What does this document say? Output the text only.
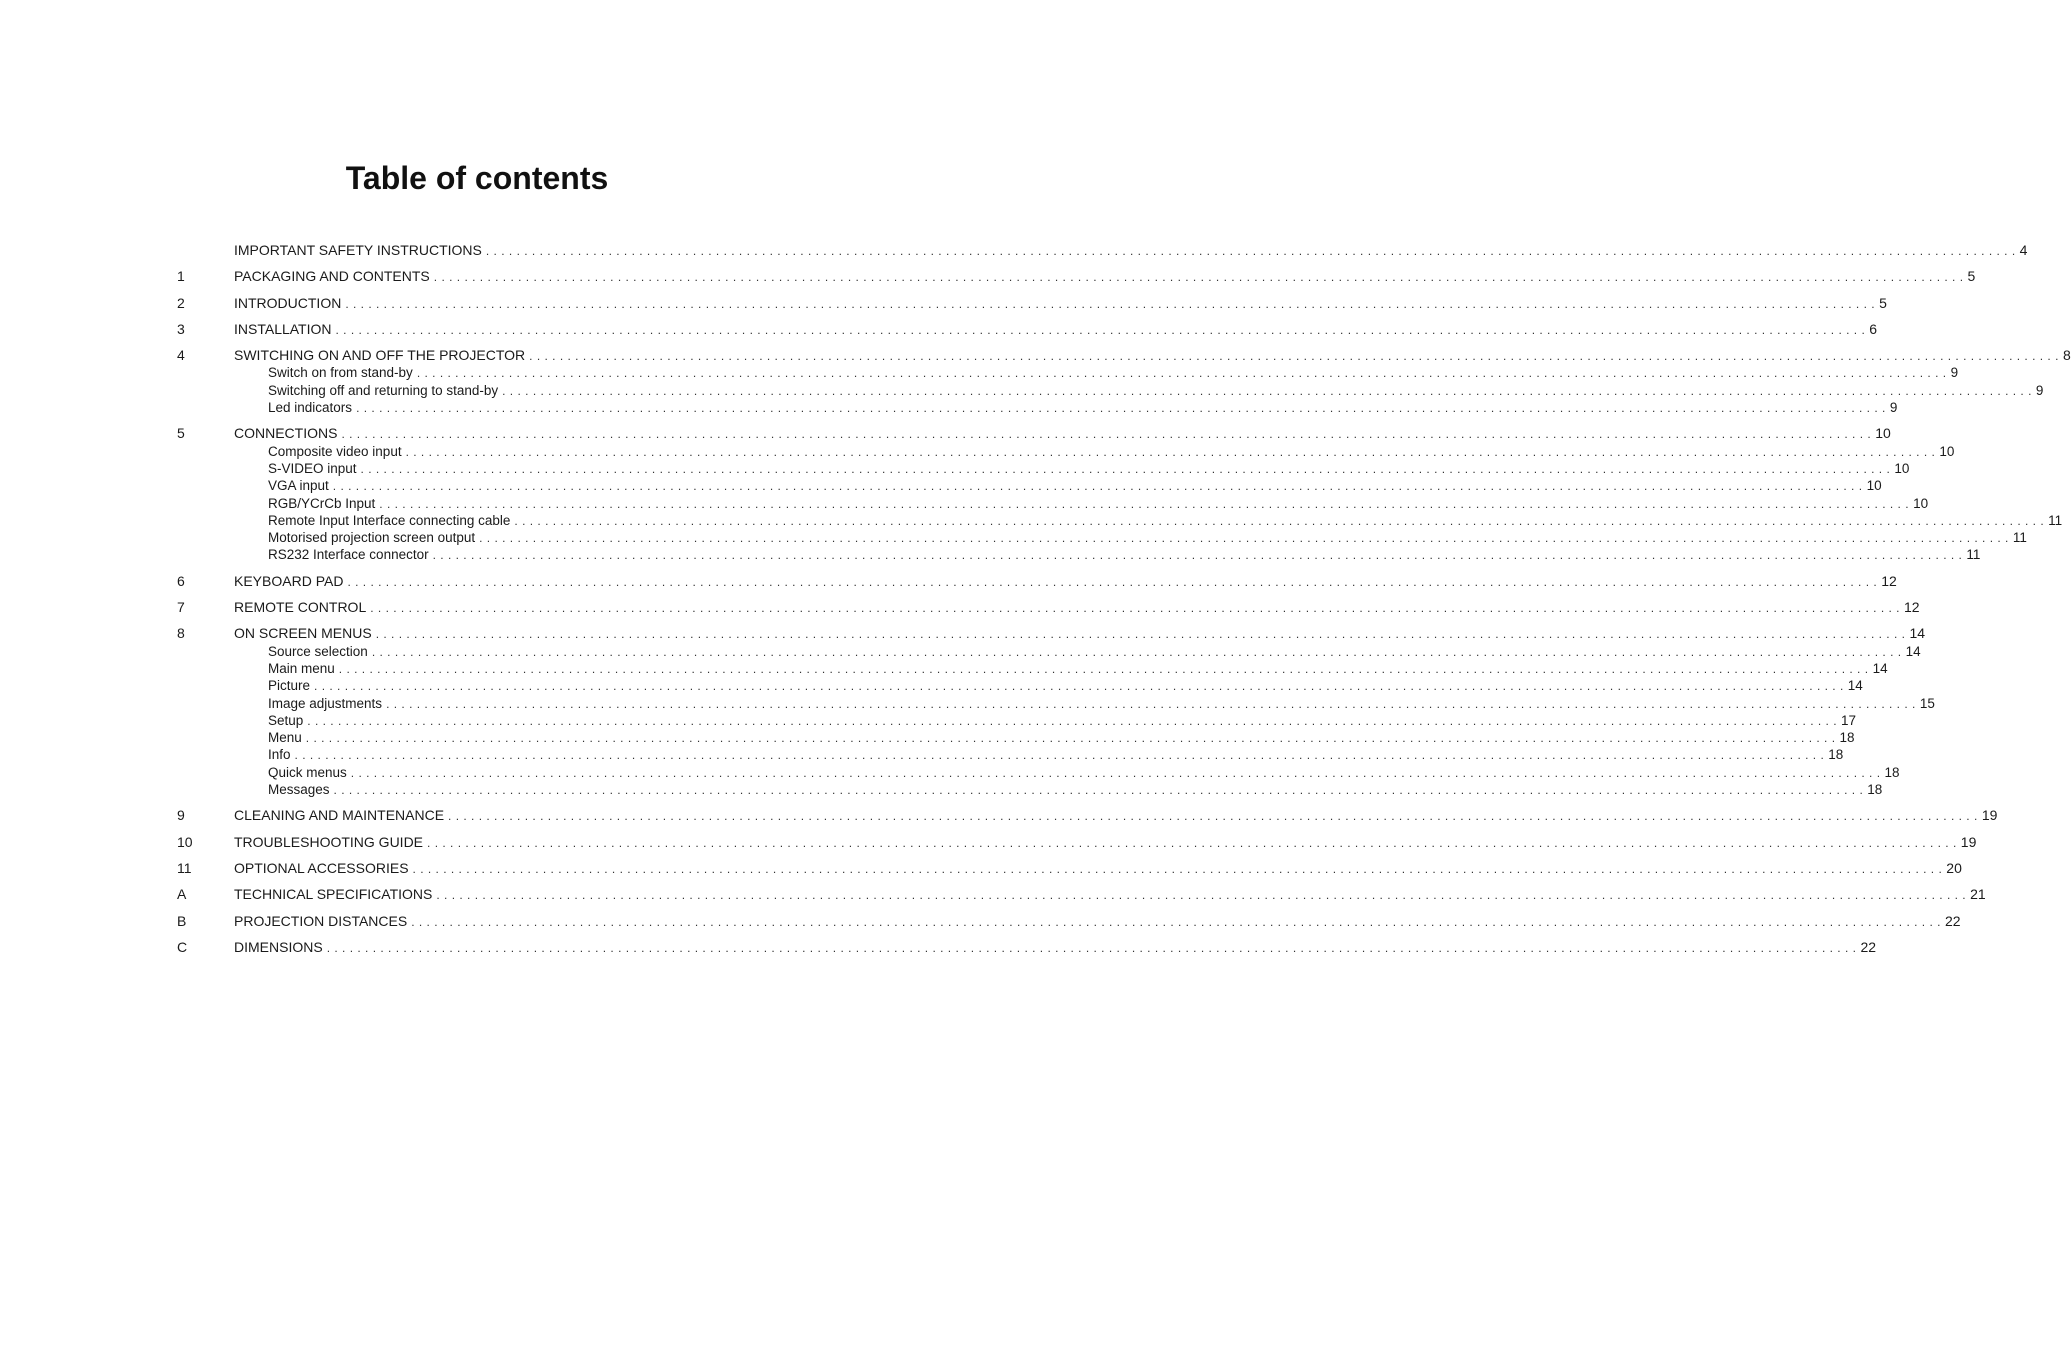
Table of contents
IMPORTANT SAFETY INSTRUCTIONS . . . . . . . . . . . . . . . . . . . . . . . . . . . . . . . . . . . . . . . . . . . . . . . . . . . . . . . . . . . . . . . . . . . . . . . . . . . . . . . . . . . . . . . . . . . . . . . . . . . . . . . . . . . . . . . . . . . . . . . . . . . . . . . . . . . . . . . . . . . . . . . . . . . . . . . . . . . . . . . . . . . . . . . . . . . . . . . . . . . . . . . . . . . . . . . . . . . . . . . . 4
1	PACKAGING AND CONTENTS . . . . . . . . . . . . . . . . . . . . . . . . . . . . . . . . . . . . . . . . . . . . . . . . . . . . . . . . . . . . . . . . . . . . . . . . . . . . . . . . . . . . . . . . . . . . . . . . . . . . . . . . . . . . . . . . . . . . . . . . . . . . . . . . . . . . . . . . . . . . . . . . . . . . . . . . . . . . . . . . . . . . . . . . . . . . . . . . . . . . . . . . . . . . . . . . . . . . . . . . 5
2	INTRODUCTION . . . . . . . . . . . . . . . . . . . . . . . . . . . . . . . . . . . . . . . . . . . . . . . . . . . . . . . . . . . . . . . . . . . . . . . . . . . . . . . . . . . . . . . . . . . . . . . . . . . . . . . . . . . . . . . . . . . . . . . . . . . . . . . . . . . . . . . . . . . . . . . . . . . . . . . . . . . . . . . . . . . . . . . . . . . . . . . . . . . . . . . . . . . . . . . . . . . . . . . . 5
3	INSTALLATION . . . . . . . . . . . . . . . . . . . . . . . . . . . . . . . . . . . . . . . . . . . . . . . . . . . . . . . . . . . . . . . . . . . . . . . . . . . . . . . . . . . . . . . . . . . . . . . . . . . . . . . . . . . . . . . . . . . . . . . . . . . . . . . . . . . . . . . . . . . . . . . . . . . . . . . . . . . . . . . . . . . . . . . . . . . . . . . . . . . . . . . . . . . . . . . . . . . . . . . . 6
4	SWITCHING ON AND OFF THE PROJECTOR . . . . . . . . . . . . . . . . . . . . . . . . . . . . . . . . . . . . . . . . . . . . . . . . . . . . . . . . . . . . . . . . . . . . . . . . . . . . . . . . . . . . . . . . . . . . . . . . . . . . . . . . . . . . . . . . . . . . . . . . . . . . . . . . . . . . . . . . . . . . . . . . . . . . . . . . . . . . . . . . . . . . . . . . . . . . . . . . . . . . . . . . . . . . . . . . . . . . . . . . 8
Switch on from stand-by . . . . . . . . . . . . . . . . . . . . . . . . . . . . . . . . . . . . . . . . . . . . . . . . . . . . . . . . . . . . . . . . . . . . . . . . . . . . . . . . . . . . . . . . . . . . . . . . . . . . . . . . . . . . . . . . . . . . . . . . . . . . . . . . . . . . . . . . . . . . . . . . . . . . . . . . . . . . . . . . . . . . . . . . . . . . . . . . . . . . . . . . . . . . . . . . . . . . . . . . 9
Switching off and returning to stand-by . . . . . . . . . . . . . . . . . . . . . . . . . . . . . . . . . . . . . . . . . . . . . . . . . . . . . . . . . . . . . . . . . . . . . . . . . . . . . . . . . . . . . . . . . . . . . . . . . . . . . . . . . . . . . . . . . . . . . . . . . . . . . . . . . . . . . . . . . . . . . . . . . . . . . . . . . . . . . . . . . . . . . . . . . . . . . . . . . . . . . . . . . . . . . . . . . . . . . . . . 9
Led indicators . . . . . . . . . . . . . . . . . . . . . . . . . . . . . . . . . . . . . . . . . . . . . . . . . . . . . . . . . . . . . . . . . . . . . . . . . . . . . . . . . . . . . . . . . . . . . . . . . . . . . . . . . . . . . . . . . . . . . . . . . . . . . . . . . . . . . . . . . . . . . . . . . . . . . . . . . . . . . . . . . . . . . . . . . . . . . . . . . . . . . . . . . . . . . . . . . . . . . . . . 9
5	CONNECTIONS . . . . . . . . . . . . . . . . . . . . . . . . . . . . . . . . . . . . . . . . . . . . . . . . . . . . . . . . . . . . . . . . . . . . . . . . . . . . . . . . . . . . . . . . . . . . . . . . . . . . . . . . . . . . . . . . . . . . . . . . . . . . . . . . . . . . . . . . . . . . . . . . . . . . . . . . . . . . . . . . . . . . . . . . . . . . . . . . . . . . . . . . . . . . . . . . . . . . . . . . 10
Composite video input . . . . . . . . . . . . . . . . . . . . . . . . . . . . . . . . . . . . . . . . . . . . . . . . . . . . . . . . . . . . . . . . . . . . . . . . . . . . . . . . . . . . . . . . . . . . . . . . . . . . . . . . . . . . . . . . . . . . . . . . . . . . . . . . . . . . . . . . . . . . . . . . . . . . . . . . . . . . . . . . . . . . . . . . . . . . . . . . . . . . . . . . . . . . . . . . . . . . . . . . 10
S-VIDEO input . . . . . . . . . . . . . . . . . . . . . . . . . . . . . . . . . . . . . . . . . . . . . . . . . . . . . . . . . . . . . . . . . . . . . . . . . . . . . . . . . . . . . . . . . . . . . . . . . . . . . . . . . . . . . . . . . . . . . . . . . . . . . . . . . . . . . . . . . . . . . . . . . . . . . . . . . . . . . . . . . . . . . . . . . . . . . . . . . . . . . . . . . . . . . . . . . . . . . . . . 10
VGA input . . . . . . . . . . . . . . . . . . . . . . . . . . . . . . . . . . . . . . . . . . . . . . . . . . . . . . . . . . . . . . . . . . . . . . . . . . . . . . . . . . . . . . . . . . . . . . . . . . . . . . . . . . . . . . . . . . . . . . . . . . . . . . . . . . . . . . . . . . . . . . . . . . . . . . . . . . . . . . . . . . . . . . . . . . . . . . . . . . . . . . . . . . . . . . . . . . . . . . . . 10
RGB/YCrCb Input . . . . . . . . . . . . . . . . . . . . . . . . . . . . . . . . . . . . . . . . . . . . . . . . . . . . . . . . . . . . . . . . . . . . . . . . . . . . . . . . . . . . . . . . . . . . . . . . . . . . . . . . . . . . . . . . . . . . . . . . . . . . . . . . . . . . . . . . . . . . . . . . . . . . . . . . . . . . . . . . . . . . . . . . . . . . . . . . . . . . . . . . . . . . . . . . . . . . . . . . 10
Remote Input Interface connecting cable . . . . . . . . . . . . . . . . . . . . . . . . . . . . . . . . . . . . . . . . . . . . . . . . . . . . . . . . . . . . . . . . . . . . . . . . . . . . . . . . . . . . . . . . . . . . . . . . . . . . . . . . . . . . . . . . . . . . . . . . . . . . . . . . . . . . . . . . . . . . . . . . . . . . . . . . . . . . . . . . . . . . . . . . . . . . . . . . . . . . . . . . . . . . . . . . . . . . . . . . 11
Motorised projection screen output . . . . . . . . . . . . . . . . . . . . . . . . . . . . . . . . . . . . . . . . . . . . . . . . . . . . . . . . . . . . . . . . . . . . . . . . . . . . . . . . . . . . . . . . . . . . . . . . . . . . . . . . . . . . . . . . . . . . . . . . . . . . . . . . . . . . . . . . . . . . . . . . . . . . . . . . . . . . . . . . . . . . . . . . . . . . . . . . . . . . . . . . . . . . . . . . . . . . . . . . 11
RS232 Interface connector . . . . . . . . . . . . . . . . . . . . . . . . . . . . . . . . . . . . . . . . . . . . . . . . . . . . . . . . . . . . . . . . . . . . . . . . . . . . . . . . . . . . . . . . . . . . . . . . . . . . . . . . . . . . . . . . . . . . . . . . . . . . . . . . . . . . . . . . . . . . . . . . . . . . . . . . . . . . . . . . . . . . . . . . . . . . . . . . . . . . . . . . . . . . . . . . . . . . . . . . 11
6	KEYBOARD PAD . . . . . . . . . . . . . . . . . . . . . . . . . . . . . . . . . . . . . . . . . . . . . . . . . . . . . . . . . . . . . . . . . . . . . . . . . . . . . . . . . . . . . . . . . . . . . . . . . . . . . . . . . . . . . . . . . . . . . . . . . . . . . . . . . . . . . . . . . . . . . . . . . . . . . . . . . . . . . . . . . . . . . . . . . . . . . . . . . . . . . . . . . . . . . . . . . . . . . . . . 12
7	REMOTE CONTROL . . . . . . . . . . . . . . . . . . . . . . . . . . . . . . . . . . . . . . . . . . . . . . . . . . . . . . . . . . . . . . . . . . . . . . . . . . . . . . . . . . . . . . . . . . . . . . . . . . . . . . . . . . . . . . . . . . . . . . . . . . . . . . . . . . . . . . . . . . . . . . . . . . . . . . . . . . . . . . . . . . . . . . . . . . . . . . . . . . . . . . . . . . . . . . . . . . . . . . . . 12
8	ON SCREEN MENUS . . . . . . . . . . . . . . . . . . . . . . . . . . . . . . . . . . . . . . . . . . . . . . . . . . . . . . . . . . . . . . . . . . . . . . . . . . . . . . . . . . . . . . . . . . . . . . . . . . . . . . . . . . . . . . . . . . . . . . . . . . . . . . . . . . . . . . . . . . . . . . . . . . . . . . . . . . . . . . . . . . . . . . . . . . . . . . . . . . . . . . . . . . . . . . . . . . . . . . . . 14
Source selection . . . . . . . . . . . . . . . . . . . . . . . . . . . . . . . . . . . . . . . . . . . . . . . . . . . . . . . . . . . . . . . . . . . . . . . . . . . . . . . . . . . . . . . . . . . . . . . . . . . . . . . . . . . . . . . . . . . . . . . . . . . . . . . . . . . . . . . . . . . . . . . . . . . . . . . . . . . . . . . . . . . . . . . . . . . . . . . . . . . . . . . . . . . . . . . . . . . . . . . . 14
Main menu . . . . . . . . . . . . . . . . . . . . . . . . . . . . . . . . . . . . . . . . . . . . . . . . . . . . . . . . . . . . . . . . . . . . . . . . . . . . . . . . . . . . . . . . . . . . . . . . . . . . . . . . . . . . . . . . . . . . . . . . . . . . . . . . . . . . . . . . . . . . . . . . . . . . . . . . . . . . . . . . . . . . . . . . . . . . . . . . . . . . . . . . . . . . . . . . . . . . . . . . 14
Picture . . . . . . . . . . . . . . . . . . . . . . . . . . . . . . . . . . . . . . . . . . . . . . . . . . . . . . . . . . . . . . . . . . . . . . . . . . . . . . . . . . . . . . . . . . . . . . . . . . . . . . . . . . . . . . . . . . . . . . . . . . . . . . . . . . . . . . . . . . . . . . . . . . . . . . . . . . . . . . . . . . . . . . . . . . . . . . . . . . . . . . . . . . . . . . . . . . . . . . . . 14
Image adjustments . . . . . . . . . . . . . . . . . . . . . . . . . . . . . . . . . . . . . . . . . . . . . . . . . . . . . . . . . . . . . . . . . . . . . . . . . . . . . . . . . . . . . . . . . . . . . . . . . . . . . . . . . . . . . . . . . . . . . . . . . . . . . . . . . . . . . . . . . . . . . . . . . . . . . . . . . . . . . . . . . . . . . . . . . . . . . . . . . . . . . . . . . . . . . . . . . . . . . . . . 15
Setup . . . . . . . . . . . . . . . . . . . . . . . . . . . . . . . . . . . . . . . . . . . . . . . . . . . . . . . . . . . . . . . . . . . . . . . . . . . . . . . . . . . . . . . . . . . . . . . . . . . . . . . . . . . . . . . . . . . . . . . . . . . . . . . . . . . . . . . . . . . . . . . . . . . . . . . . . . . . . . . . . . . . . . . . . . . . . . . . . . . . . . . . . . . . . . . . . . . . . . . . 17
Menu . . . . . . . . . . . . . . . . . . . . . . . . . . . . . . . . . . . . . . . . . . . . . . . . . . . . . . . . . . . . . . . . . . . . . . . . . . . . . . . . . . . . . . . . . . . . . . . . . . . . . . . . . . . . . . . . . . . . . . . . . . . . . . . . . . . . . . . . . . . . . . . . . . . . . . . . . . . . . . . . . . . . . . . . . . . . . . . . . . . . . . . . . . . . . . . . . . . . . . . . 18
Info . . . . . . . . . . . . . . . . . . . . . . . . . . . . . . . . . . . . . . . . . . . . . . . . . . . . . . . . . . . . . . . . . . . . . . . . . . . . . . . . . . . . . . . . . . . . . . . . . . . . . . . . . . . . . . . . . . . . . . . . . . . . . . . . . . . . . . . . . . . . . . . . . . . . . . . . . . . . . . . . . . . . . . . . . . . . . . . . . . . . . . . . . . . . . . . . . . . . . . . . 18
Quick menus . . . . . . . . . . . . . . . . . . . . . . . . . . . . . . . . . . . . . . . . . . . . . . . . . . . . . . . . . . . . . . . . . . . . . . . . . . . . . . . . . . . . . . . . . . . . . . . . . . . . . . . . . . . . . . . . . . . . . . . . . . . . . . . . . . . . . . . . . . . . . . . . . . . . . . . . . . . . . . . . . . . . . . . . . . . . . . . . . . . . . . . . . . . . . . . . . . . . . . . . 18
Messages . . . . . . . . . . . . . . . . . . . . . . . . . . . . . . . . . . . . . . . . . . . . . . . . . . . . . . . . . . . . . . . . . . . . . . . . . . . . . . . . . . . . . . . . . . . . . . . . . . . . . . . . . . . . . . . . . . . . . . . . . . . . . . . . . . . . . . . . . . . . . . . . . . . . . . . . . . . . . . . . . . . . . . . . . . . . . . . . . . . . . . . . . . . . . . . . . . . . . . . . 18
9	CLEANING AND MAINTENANCE . . . . . . . . . . . . . . . . . . . . . . . . . . . . . . . . . . . . . . . . . . . . . . . . . . . . . . . . . . . . . . . . . . . . . . . . . . . . . . . . . . . . . . . . . . . . . . . . . . . . . . . . . . . . . . . . . . . . . . . . . . . . . . . . . . . . . . . . . . . . . . . . . . . . . . . . . . . . . . . . . . . . . . . . . . . . . . . . . . . . . . . . . . . . . . . . . . . . . . . . 19
10	TROUBLESHOOTING GUIDE . . . . . . . . . . . . . . . . . . . . . . . . . . . . . . . . . . . . . . . . . . . . . . . . . . . . . . . . . . . . . . . . . . . . . . . . . . . . . . . . . . . . . . . . . . . . . . . . . . . . . . . . . . . . . . . . . . . . . . . . . . . . . . . . . . . . . . . . . . . . . . . . . . . . . . . . . . . . . . . . . . . . . . . . . . . . . . . . . . . . . . . . . . . . . . . . . . . . . . . . 19
11	OPTIONAL ACCESSORIES . . . . . . . . . . . . . . . . . . . . . . . . . . . . . . . . . . . . . . . . . . . . . . . . . . . . . . . . . . . . . . . . . . . . . . . . . . . . . . . . . . . . . . . . . . . . . . . . . . . . . . . . . . . . . . . . . . . . . . . . . . . . . . . . . . . . . . . . . . . . . . . . . . . . . . . . . . . . . . . . . . . . . . . . . . . . . . . . . . . . . . . . . . . . . . . . . . . . . . . . 20
A	TECHNICAL SPECIFICATIONS . . . . . . . . . . . . . . . . . . . . . . . . . . . . . . . . . . . . . . . . . . . . . . . . . . . . . . . . . . . . . . . . . . . . . . . . . . . . . . . . . . . . . . . . . . . . . . . . . . . . . . . . . . . . . . . . . . . . . . . . . . . . . . . . . . . . . . . . . . . . . . . . . . . . . . . . . . . . . . . . . . . . . . . . . . . . . . . . . . . . . . . . . . . . . . . . . . . . . . . . 21
B	PROJECTION DISTANCES . . . . . . . . . . . . . . . . . . . . . . . . . . . . . . . . . . . . . . . . . . . . . . . . . . . . . . . . . . . . . . . . . . . . . . . . . . . . . . . . . . . . . . . . . . . . . . . . . . . . . . . . . . . . . . . . . . . . . . . . . . . . . . . . . . . . . . . . . . . . . . . . . . . . . . . . . . . . . . . . . . . . . . . . . . . . . . . . . . . . . . . . . . . . . . . . . . . . . . . . 22
C	DIMENSIONS . . . . . . . . . . . . . . . . . . . . . . . . . . . . . . . . . . . . . . . . . . . . . . . . . . . . . . . . . . . . . . . . . . . . . . . . . . . . . . . . . . . . . . . . . . . . . . . . . . . . . . . . . . . . . . . . . . . . . . . . . . . . . . . . . . . . . . . . . . . . . . . . . . . . . . . . . . . . . . . . . . . . . . . . . . . . . . . . . . . . . . . . . . . . . . . . . . . . . . . . 22
